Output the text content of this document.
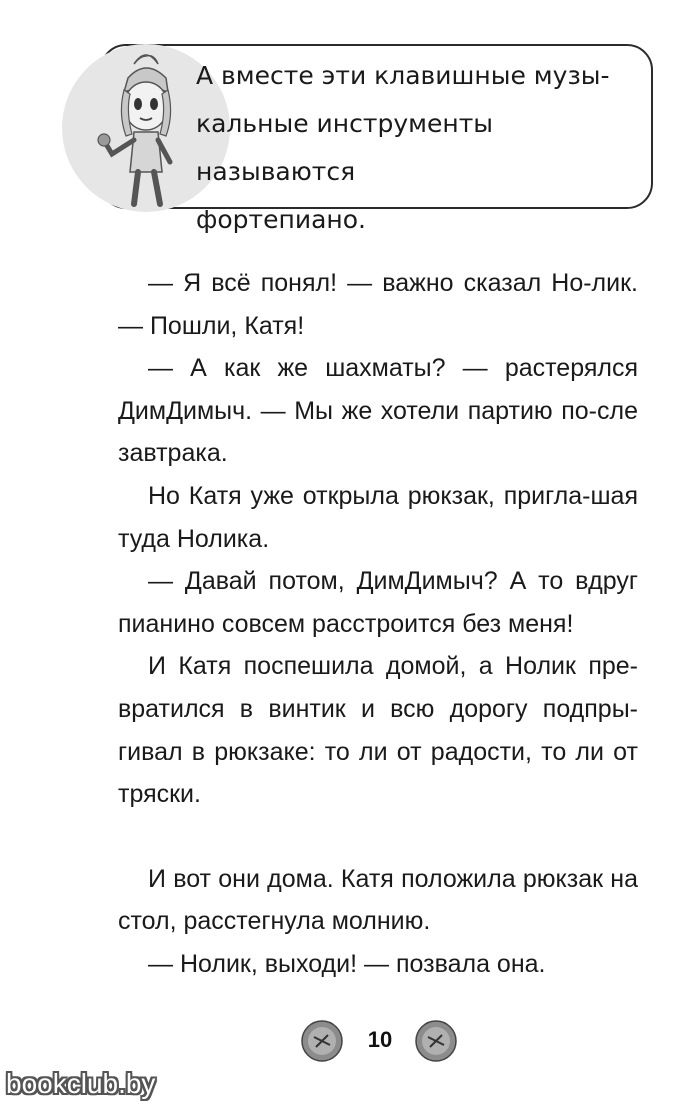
А вместе эти клавишные музы-
кальные инструменты называются
фортепиано.

— Я всё понял! — важно сказал Но-лик. — Пошли, Катя!

— А как же шахматы? — растерялся ДимДимыч. — Мы же хотели партию по-сле завтрака.

Но Катя уже открыла рюкзак, пригла-шая туда Нолика.

— Давай потом, ДимДимыч? А то вдруг пианино совсем расстроится без меня!

И Катя поспешила домой, а Нолик пре-вратился в винтик и всю дорогу подпры-гивал в рюкзаке: то ли от радости, то ли от тряски.

И вот они дома. Катя положила рюкзак на стол, расстегнула молнию.

— Нолик, выходи! — позвала она.

10
bookclub.by
